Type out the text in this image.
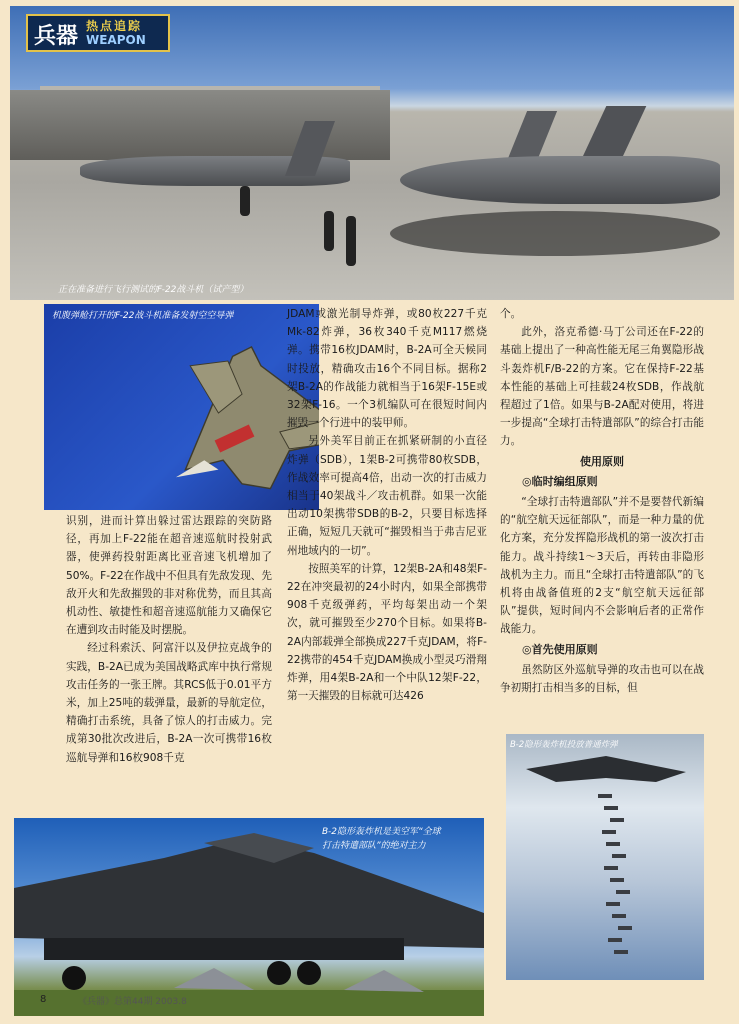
兵器 热点追踪
WEAPON
正在准备进行飞行测试的F-22战斗机（试产型）
机腹弹舱打开的F-22战斗机准备发射空空导弹

识别，进而计算出躲过雷达跟踪的突防路径，再加上F-22能在超音速巡航时投射武器，使弹药投射距离比亚音速飞机增加了50%。F-22在作战中不但具有先敌发现、先敌开火和先敌摧毁的非对称优势，而且其高机动性、敏捷性和超音速巡航能力又确保它在遭到攻击时能及时摆脱。

经过科索沃、阿富汗以及伊拉克战争的实践，B-2A已成为美国战略武库中执行常规攻击任务的一张王牌。其RCS低于0.01平方米，加上25吨的载弹量，最新的导航定位，精确打击系统，具备了惊人的打击威力。完成第30批次改进后，B-2A一次可携带16枚巡航导弹和16枚908千克

JDAM或激光制导炸弹，或80枚227千克Mk-82炸弹，36枚340千克M117燃烧弹。携带16枚JDAM时，B-2A可全天候同时投放，精确攻击16个不同目标。据称2架B-2A的作战能力就相当于16架F-15E或32架F-16。一个3机编队可在很短时间内摧毁一个行进中的装甲师。

另外美军目前正在抓紧研制的小直径炸弹（SDB），1架B-2可携带80枚SDB，作战效率可提高4倍，出动一次的打击威力相当于40架战斗／攻击机群。如果一次能出动10架携带SDB的B-2，只要目标选择正确，短短几天就可“摧毁相当于弗吉尼亚州地域内的一切”。

按照美军的计算，12架B-2A和48架F-22在冲突最初的24小时内，如果全部携带908千克级弹药，平均每架出动一个架次，就可摧毁至少270个目标。如果将B-2A内部载弹全部换成227千克JDAM，将F-22携带的454千克JDAM换成小型灵巧滑翔炸弹，用4架B-2A和一个中队12架F-22，第一天摧毁的目标就可达426

个。

此外，洛克希德·马丁公司还在F-22的基础上提出了一种高性能无尾三角翼隐形战斗轰炸机F/B-22的方案。它在保持F-22基本性能的基础上可挂载24枚SDB，作战航程超过了1倍。如果与B-2A配对使用，将进一步提高“全球打击特遣部队”的综合打击能力。

使用原则
◎临时编组原则

“全球打击特遣部队”并不是要替代新编的“航空航天远征部队”，而是一种力量的优化方案，充分发挥隐形战机的第一波次打击能力。战斗持续1～3天后，再转由非隐形战机为主力。而且“全球打击特遣部队”的飞机将由战备值班的2支“航空航天远征部队”提供，短时间内不会影响后者的正常作战能力。

◎首先使用原则

虽然防区外巡航导弹的攻击也可以在战争初期打击相当多的目标，但

B-2隐形轰炸机是美空军“全球
打击特遣部队”的绝对主力
B-2隐形轰炸机投放普通炸弹
8	《兵器》总第44期 2003.8
